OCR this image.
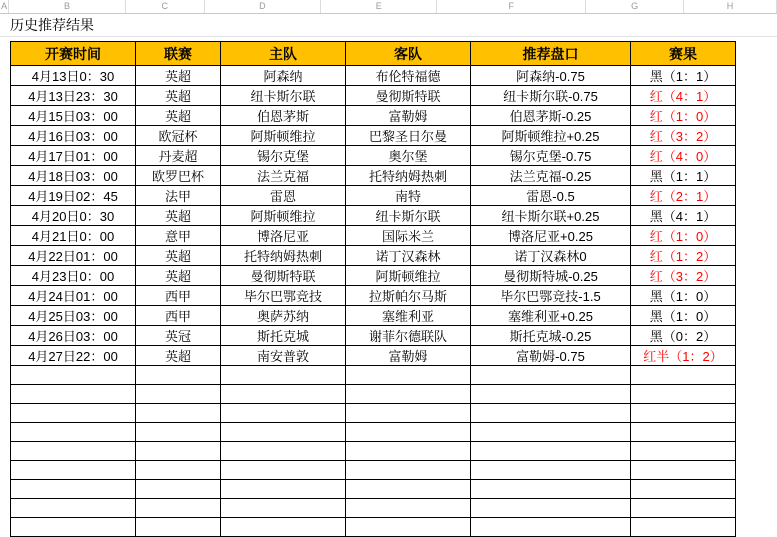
A	B	C	D	E	F	G	H
历史推荐结果
开赛时间	联赛	主队	客队	推荐盘口	赛果
4月13日0：30	英超	阿森纳	布伦特福德	阿森纳-0.75	黑（1：1）
4月13日23：30	英超	纽卡斯尔联	曼彻斯特联	纽卡斯尔联-0.75	红（4：1）
4月15日03：00	英超	伯恩茅斯	富勒姆	伯恩茅斯-0.25	红（1：0）
4月16日03：00	欧冠杯	阿斯顿维拉	巴黎圣日尔曼	阿斯顿维拉+0.25	红（3：2）
4月17日01：00	丹麦超	锡尔克堡	奥尔堡	锡尔克堡-0.75	红（4：0）
4月18日03：00	欧罗巴杯	法兰克福	托特纳姆热刺	法兰克福-0.25	黑（1：1）
4月19日02：45	法甲	雷恩	南特	雷恩-0.5	红（2：1）
4月20日0：30	英超	阿斯顿维拉	纽卡斯尔联	纽卡斯尔联+0.25	黑（4：1）
4月21日0：00	意甲	博洛尼亚	国际米兰	博洛尼亚+0.25	红（1：0）
4月22日01：00	英超	托特纳姆热刺	诺丁汉森林	诺丁汉森林0	红（1：2）
4月23日0：00	英超	曼彻斯特联	阿斯顿维拉	曼彻斯特城-0.25	红（3：2）
4月24日01：00	西甲	毕尔巴鄂竞技	拉斯帕尔马斯	毕尔巴鄂竞技-1.5	黑（1：0）
4月25日03：00	西甲	奥萨苏纳	塞维利亚	塞维利亚+0.25	黑（1：0）
4月26日03：00	英冠	斯托克城	谢菲尔德联队	斯托克城-0.25	黑（0：2）
4月27日22：00	英超	南安普敦	富勒姆	富勒姆-0.75	红半（1：2）
